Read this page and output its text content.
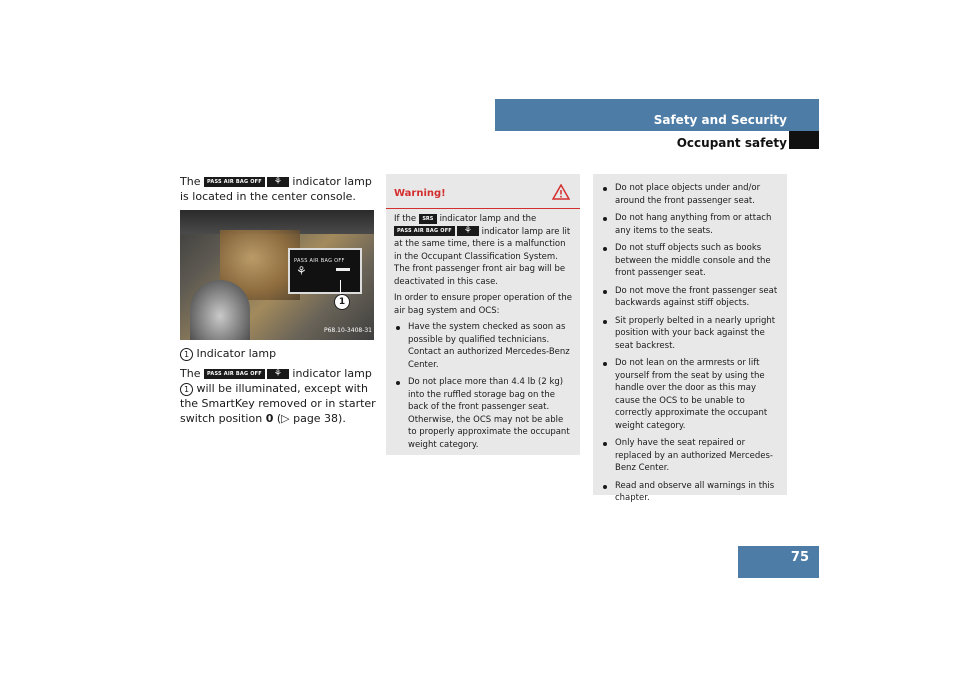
Safety and Security
Occupant safety

The PASS AIR BAG OFF ⚘ indicator lamp is located in the center console.

PASS AIR BAG OFF
⚘
1
P68.10-3408-31

1 Indicator lamp

The PASS AIR BAG OFF ⚘ indicator lamp 1 will be illuminated, except with the SmartKey removed or in starter switch position 0 (▷ page 38).

Warning!

If the SRS indicator lamp and the PASS AIR BAG OFF ⚘ indicator lamp are lit at the same time, there is a malfunction in the Occupant Classification System. The front passenger front air bag will be deactivated in this case.

In order to ensure proper operation of the air bag system and OCS:

Have the system checked as soon as possible by qualified technicians. Contact an authorized Mercedes-Benz Center.
Do not place more than 4.4 lb (2 kg) into the ruffled storage bag on the back of the front passenger seat. Otherwise, the OCS may not be able to properly approximate the occupant weight category.
Do not place objects under and/or around the front passenger seat.
Do not hang anything from or attach any items to the seats.
Do not stuff objects such as books between the middle console and the front passenger seat.
Do not move the front passenger seat backwards against stiff objects.
Sit properly belted in a nearly upright position with your back against the seat backrest.
Do not lean on the armrests or lift yourself from the seat by using the handle over the door as this may cause the OCS to be unable to correctly approximate the occupant weight category.
Only have the seat repaired or replaced by an authorized Mercedes-Benz Center.
Read and observe all warnings in this chapter.
75
